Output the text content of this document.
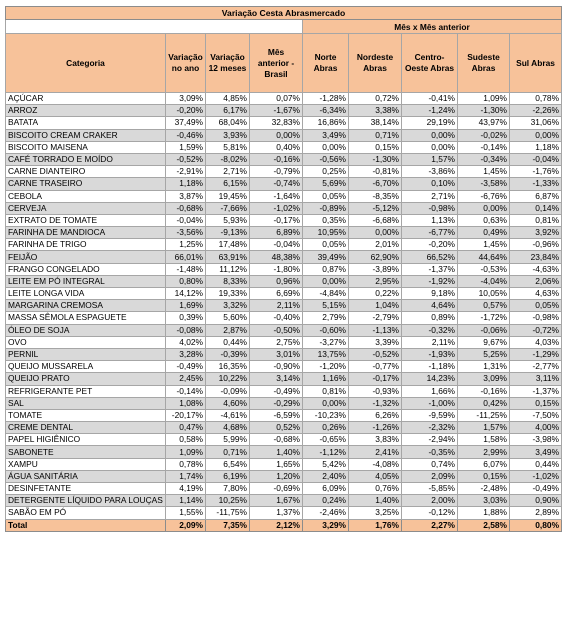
Variação Cesta Abrasmercado								
				Mês x Mês anterior				
Categoria	Variação no ano	Variação 12 meses	Mês anterior - Brasil	Norte Abras	Nordeste Abras	Centro-Oeste Abras	Sudeste Abras	Sul Abras
AÇÚCAR	3,09%	4,85%	0,07%	-1,28%	0,72%	-0,41%	1,09%	0,78%
ARROZ	-0,20%	6,17%	-1,67%	-6,34%	3,38%	-1,24%	-1,30%	-2,26%
BATATA	37,49%	68,04%	32,83%	16,86%	38,14%	29,19%	43,97%	31,06%
BISCOITO CREAM CRAKER	-0,46%	3,93%	0,00%	3,49%	0,71%	0,00%	-0,02%	0,00%
BISCOITO MAISENA	1,59%	5,81%	0,40%	0,00%	0,15%	0,00%	-0,14%	1,18%
CAFÉ TORRADO E MOÍDO	-0,52%	-8,02%	-0,16%	-0,56%	-1,30%	1,57%	-0,34%	-0,04%
CARNE DIANTEIRO	-2,91%	2,71%	-0,79%	0,25%	-0,81%	-3,86%	1,45%	-1,76%
CARNE TRASEIRO	1,18%	6,15%	-0,74%	5,69%	-6,70%	0,10%	-3,58%	-1,33%
CEBOLA	3,87%	19,45%	-1,64%	0,05%	-8,35%	2,71%	-6,76%	6,87%
CERVEJA	-0,68%	-7,66%	-1,02%	-0,89%	-5,12%	-0,98%	0,00%	0,14%
EXTRATO DE TOMATE	-0,04%	5,93%	-0,17%	0,35%	-6,68%	1,13%	0,63%	0,81%
FARINHA DE MANDIOCA	-3,56%	-9,13%	6,89%	10,95%	0,00%	-6,77%	0,49%	3,92%
FARINHA DE TRIGO	1,25%	17,48%	-0,04%	0,05%	2,01%	-0,20%	1,45%	-0,96%
FEIJÃO	66,01%	63,91%	48,38%	39,49%	62,90%	66,52%	44,64%	23,84%
FRANGO CONGELADO	-1,48%	11,12%	-1,80%	0,87%	-3,89%	-1,37%	-0,53%	-4,63%
LEITE EM PÓ INTEGRAL	0,80%	8,33%	0,96%	0,00%	2,95%	-1,92%	-4,04%	2,06%
LEITE LONGA VIDA	14,12%	19,33%	6,69%	-4,84%	0,22%	9,18%	10,05%	4,63%
MARGARINA CREMOSA	1,69%	3,32%	2,11%	5,15%	1,04%	4,64%	0,57%	0,05%
MASSA SÊMOLA ESPAGUETE	0,39%	5,60%	-0,40%	2,79%	-2,79%	0,89%	-1,72%	-0,98%
ÓLEO DE SOJA	-0,08%	2,87%	-0,50%	-0,60%	-1,13%	-0,32%	-0,06%	-0,72%
OVO	4,02%	0,44%	2,75%	-3,27%	3,39%	2,11%	9,67%	4,03%
PERNIL	3,28%	-0,39%	3,01%	13,75%	-0,52%	-1,93%	5,25%	-1,29%
QUEIJO MUSSARELA	-0,49%	16,35%	-0,90%	-1,20%	-0,77%	-1,18%	1,31%	-2,77%
QUEIJO PRATO	2,45%	10,22%	3,14%	1,16%	-0,17%	14,23%	3,09%	3,11%
REFRIGERANTE PET	-0,14%	-0,09%	-0,49%	0,81%	-0,93%	1,66%	-0,16%	-1,37%
SAL	1,08%	4,60%	-0,29%	0,00%	-1,32%	-1,00%	0,42%	0,15%
TOMATE	-20,17%	-4,61%	-6,59%	-10,23%	6,26%	-9,59%	-11,25%	-7,50%
CREME DENTAL	0,47%	4,68%	0,52%	0,26%	-1,26%	-2,32%	1,57%	4,00%
PAPEL HIGIÊNICO	0,58%	5,99%	-0,68%	-0,65%	3,83%	-2,94%	1,58%	-3,98%
SABONETE	1,09%	0,71%	1,40%	-1,12%	2,41%	-0,35%	2,99%	3,49%
XAMPU	0,78%	6,54%	1,65%	5,42%	-4,08%	0,74%	6,07%	0,44%
ÁGUA SANITÁRIA	1,74%	6,19%	1,20%	2,40%	4,05%	2,09%	0,15%	-1,02%
DESINFETANTE	4,19%	7,80%	-0,69%	6,09%	0,76%	-5,85%	-2,48%	-0,49%
DETERGENTE LÍQUIDO PARA LOUÇAS	1,14%	10,25%	1,67%	0,24%	1,40%	2,00%	3,03%	0,90%
SABÃO EM PÓ	1,55%	-11,75%	1,37%	-2,46%	3,25%	-0,12%	1,88%	2,89%
Total	2,09%	7,35%	2,12%	3,29%	1,76%	2,27%	2,58%	0,80%
